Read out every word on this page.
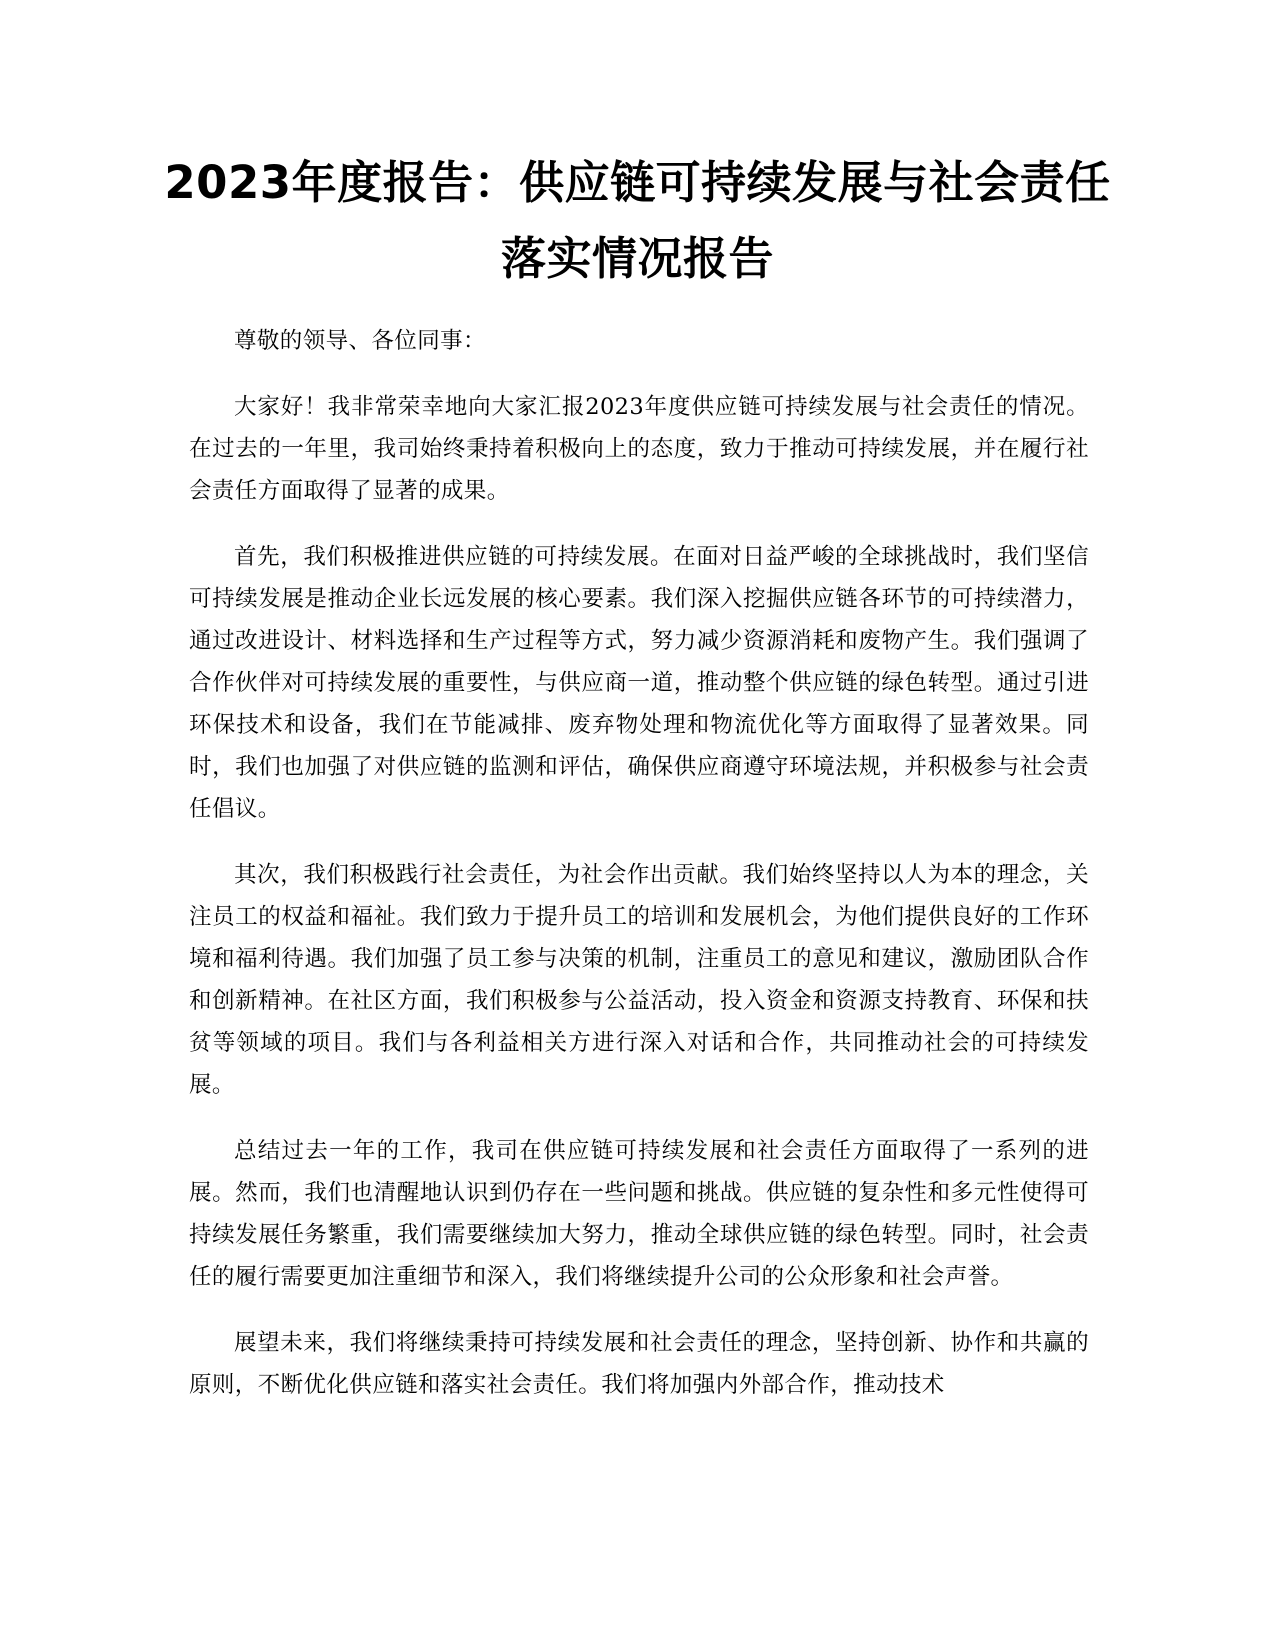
2023年度报告：供应链可持续发展与社会责任落实情况报告

尊敬的领导、各位同事：

大家好！我非常荣幸地向大家汇报2023年度供应链可持续发展与社会责任的情况。在过去的一年里，我司始终秉持着积极向上的态度，致力于推动可持续发展，并在履行社会责任方面取得了显著的成果。

首先，我们积极推进供应链的可持续发展。在面对日益严峻的全球挑战时，我们坚信可持续发展是推动企业长远发展的核心要素。我们深入挖掘供应链各环节的可持续潜力，通过改进设计、材料选择和生产过程等方式，努力减少资源消耗和废物产生。我们强调了合作伙伴对可持续发展的重要性，与供应商一道，推动整个供应链的绿色转型。通过引进环保技术和设备，我们在节能减排、废弃物处理和物流优化等方面取得了显著效果。同时，我们也加强了对供应链的监测和评估，确保供应商遵守环境法规，并积极参与社会责任倡议。

其次，我们积极践行社会责任，为社会作出贡献。我们始终坚持以人为本的理念，关注员工的权益和福祉。我们致力于提升员工的培训和发展机会，为他们提供良好的工作环境和福利待遇。我们加强了员工参与决策的机制，注重员工的意见和建议，激励团队合作和创新精神。在社区方面，我们积极参与公益活动，投入资金和资源支持教育、环保和扶贫等领域的项目。我们与各利益相关方进行深入对话和合作，共同推动社会的可持续发展。

总结过去一年的工作，我司在供应链可持续发展和社会责任方面取得了一系列的进展。然而，我们也清醒地认识到仍存在一些问题和挑战。供应链的复杂性和多元性使得可持续发展任务繁重，我们需要继续加大努力，推动全球供应链的绿色转型。同时，社会责任的履行需要更加注重细节和深入，我们将继续提升公司的公众形象和社会声誉。

展望未来，我们将继续秉持可持续发展和社会责任的理念，坚持创新、协作和共赢的原则，不断优化供应链和落实社会责任。我们将加强内外部合作，推动技术
